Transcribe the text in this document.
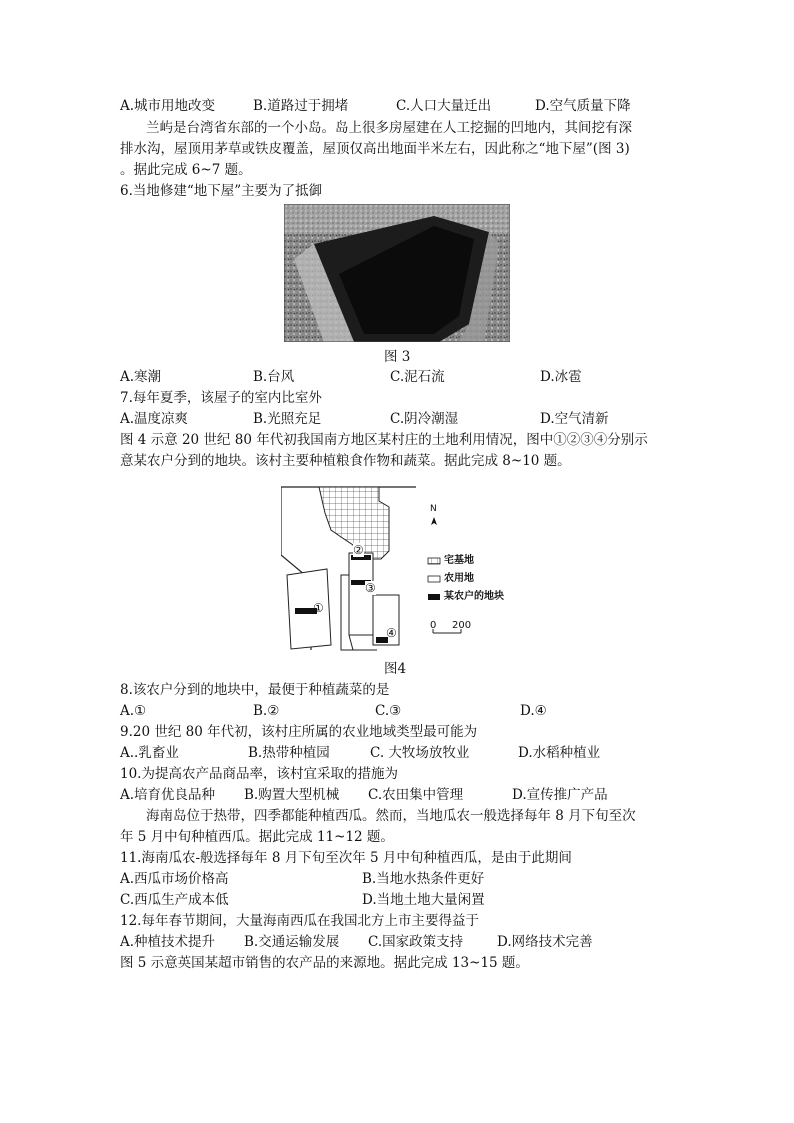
A.城市用地改变	B.道路过于拥堵	C.人口大量迁出	D.空气质量下降
兰屿是台湾省东部的一个小岛。岛上很多房屋建在人工挖掘的凹地内，其间挖有深
排水沟，屋顶用茅草或铁皮覆盖，屋顶仅高出地面半米左右，因此称之“地下屋”(图 3)
。据此完成 6~7 题。
6.当地修建“地下屋”主要为了抵御
图 3
A.寒潮	B.台风	C.泥石流	D.冰雹
7.每年夏季，该屋子的室内比室外
A.温度凉爽	B.光照充足	C.阴冷潮湿	D.空气清新
图 4 示意 20 世纪 80 年代初我国南方地区某村庄的土地利用情况，图中①②③④分别示
意某农户分到的地块。该村主要种植粮食作物和蔬菜。据此完成 8~10 题。
①
②
③
④
N
宅基地
农用地
某农户的地块
0 200
图4
8.该农户分到的地块中，最便于种植蔬菜的是
A.①	B.②	C.③	D.④
9.20 世纪 80 年代初，该村庄所属的农业地域类型最可能为
A..乳畜业	B.热带种植园	C. 大牧场放牧业	D.水稻种植业
10.为提高农产品商品率，该村宜采取的措施为
A.培育优良品种 B.购置大型机械 C.农田集中管理	D.宣传推广产品
海南岛位于热带，四季都能种植西瓜。然而，当地瓜农一般选择每年 8 月下旬至次
年 5 月中旬种植西瓜。据此完成 11~12 题。
11.海南瓜农-般选择每年 8 月下旬至次年 5 月中旬种植西瓜，是由于此期间
A.西瓜市场价格高	B.当地水热条件更好
C.西瓜生产成本低	D.当地土地大量闲置
12.每年春节期间，大量海南西瓜在我国北方上市主要得益于
A.种植技术提升 B.交通运输发展 C.国家政策支持	D.网络技术完善
图 5 示意英国某超市销售的农产品的来源地。据此完成 13~15 题。
